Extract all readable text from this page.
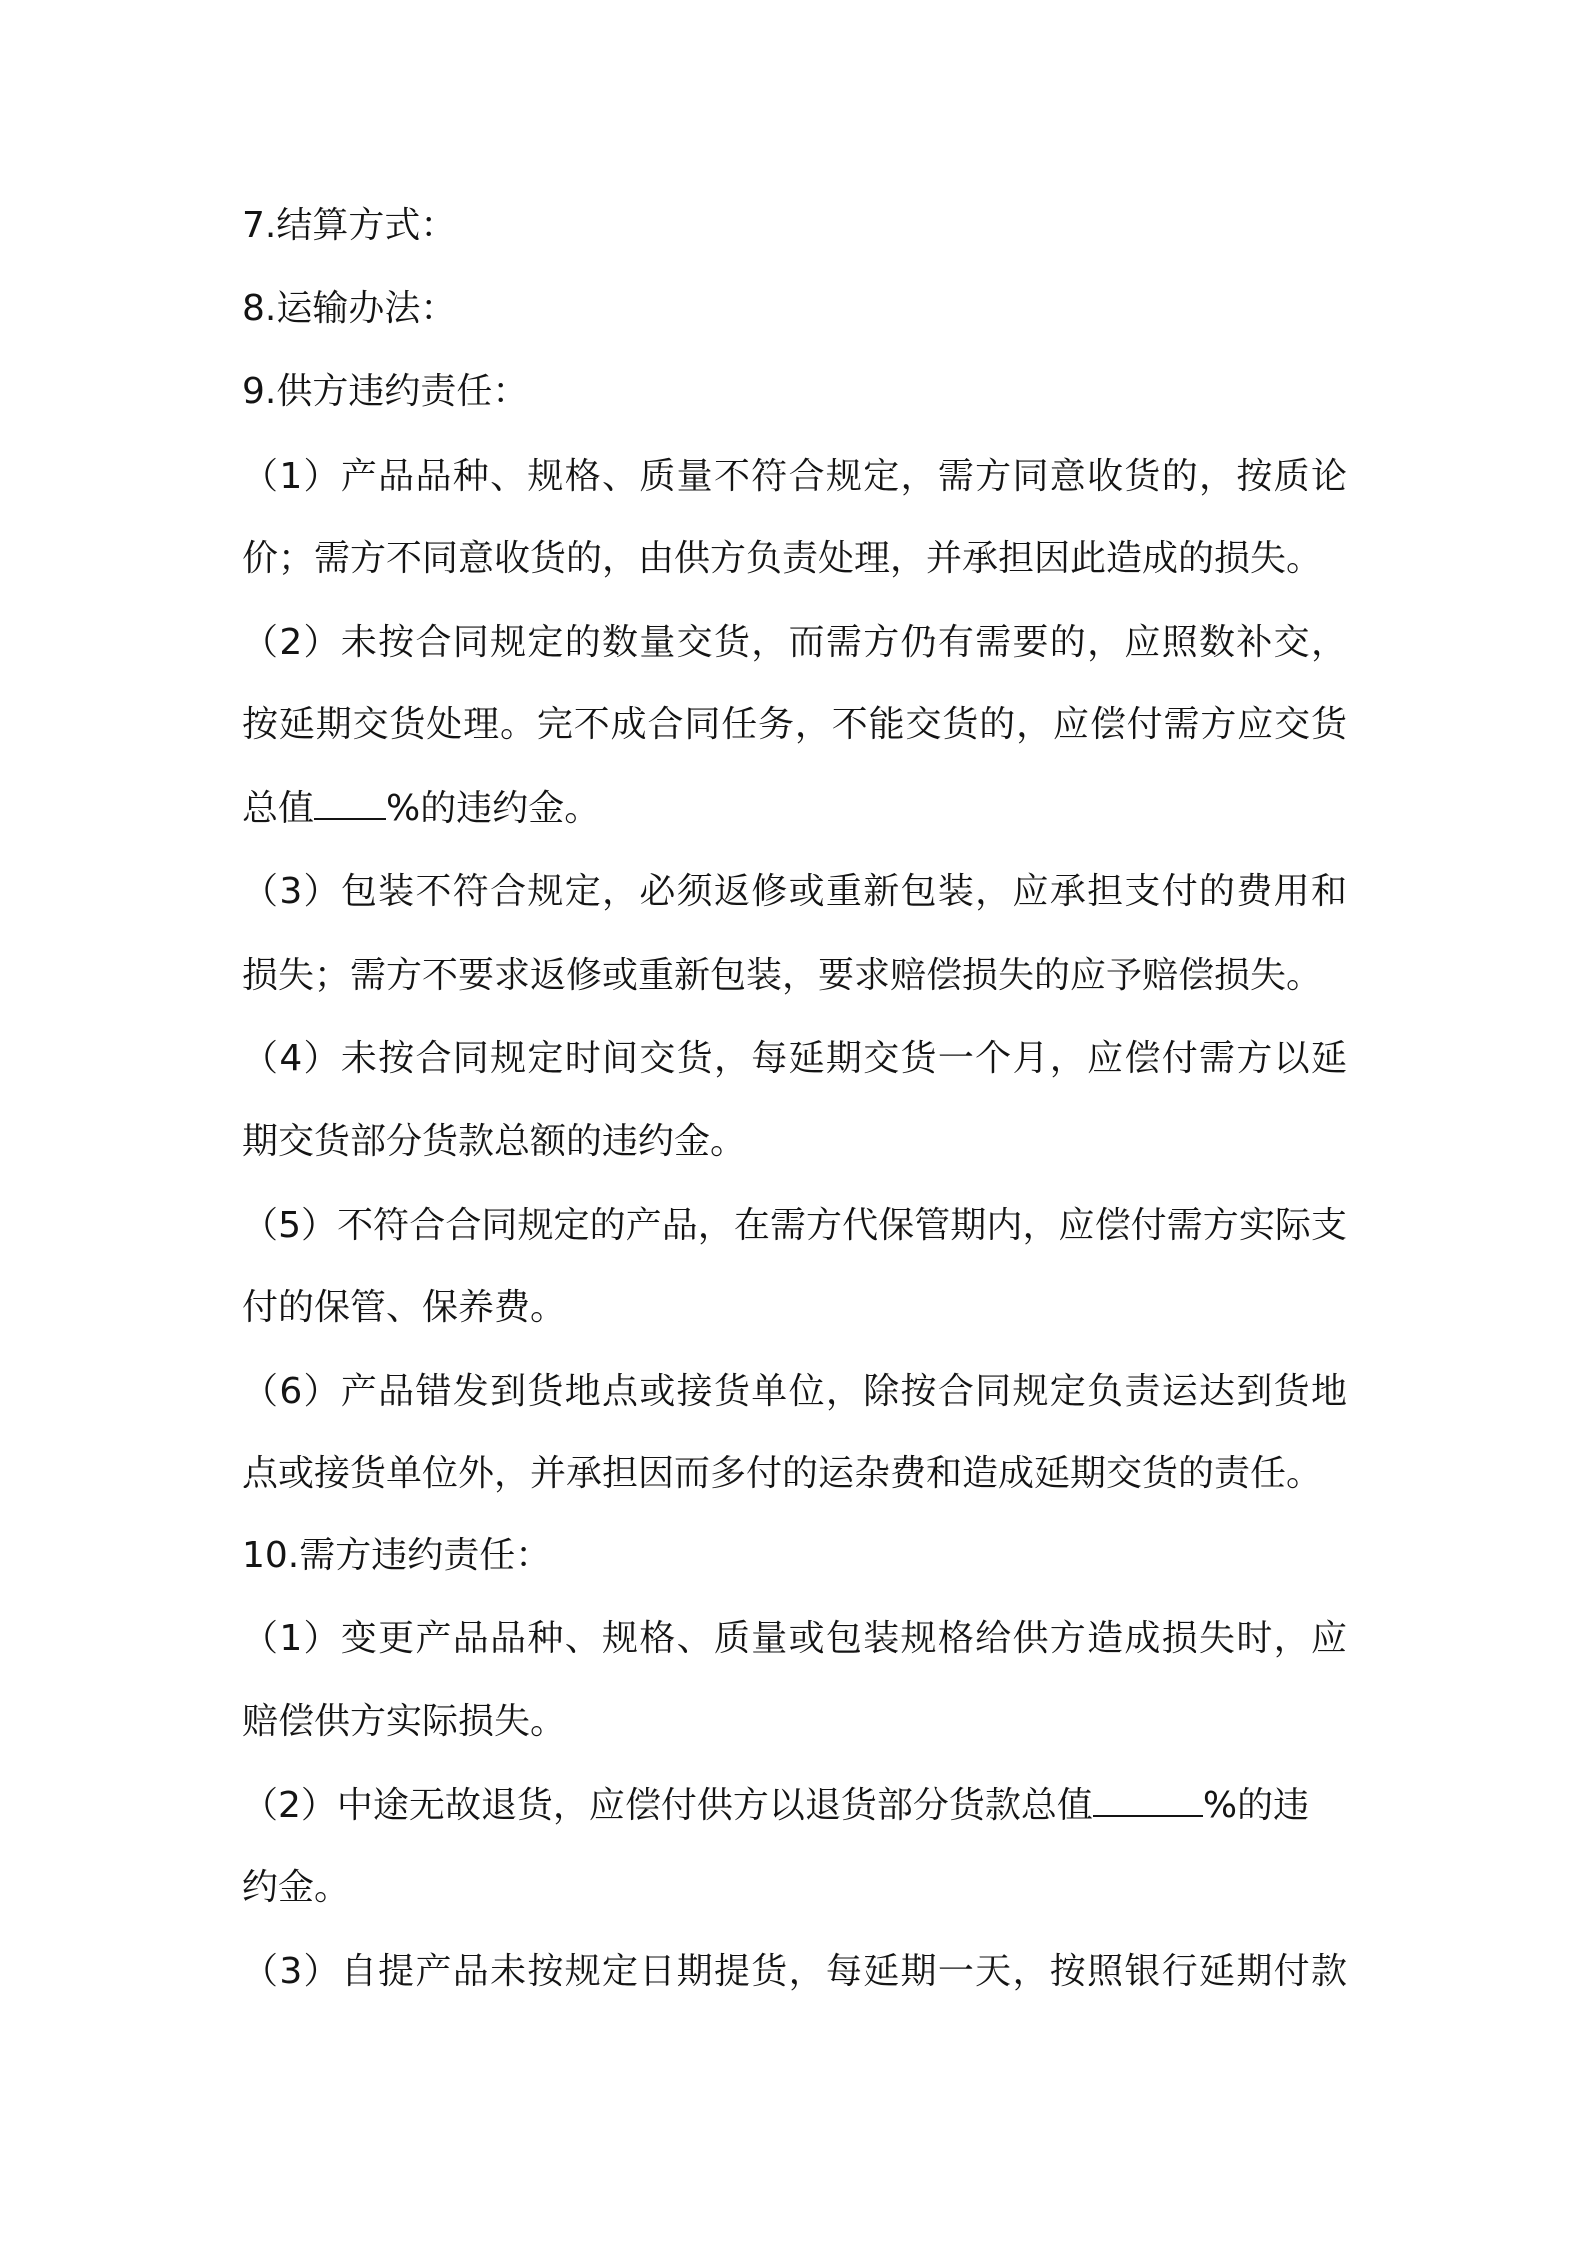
7.结算方式：

8.运输办法：

9.供方违约责任：

（1）产品品种、规格、质量不符合规定，需方同意收货的，按质论

价；需方不同意收货的，由供方负责处理，并承担因此造成的损失。

（2）未按合同规定的数量交货，而需方仍有需要的，应照数补交，

按延期交货处理。完不成合同任务，不能交货的，应偿付需方应交货

总值 %的违约金。

（3）包装不符合规定，必须返修或重新包装，应承担支付的费用和

损失；需方不要求返修或重新包装，要求赔偿损失的应予赔偿损失。

（4）未按合同规定时间交货，每延期交货一个月，应偿付需方以延

期交货部分货款总额的违约金。

（5）不符合合同规定的产品，在需方代保管期内，应偿付需方实际支

付的保管、保养费。

（6）产品错发到货地点或接货单位，除按合同规定负责运达到货地

点或接货单位外，并承担因而多付的运杂费和造成延期交货的责任。

10.需方违约责任：

（1）变更产品品种、规格、质量或包装规格给供方造成损失时，应

赔偿供方实际损失。

（2）中途无故退货，应偿付供方以退货部分货款总值	%的违

约金。

（3）自提产品未按规定日期提货，每延期一天，按照银行延期付款
